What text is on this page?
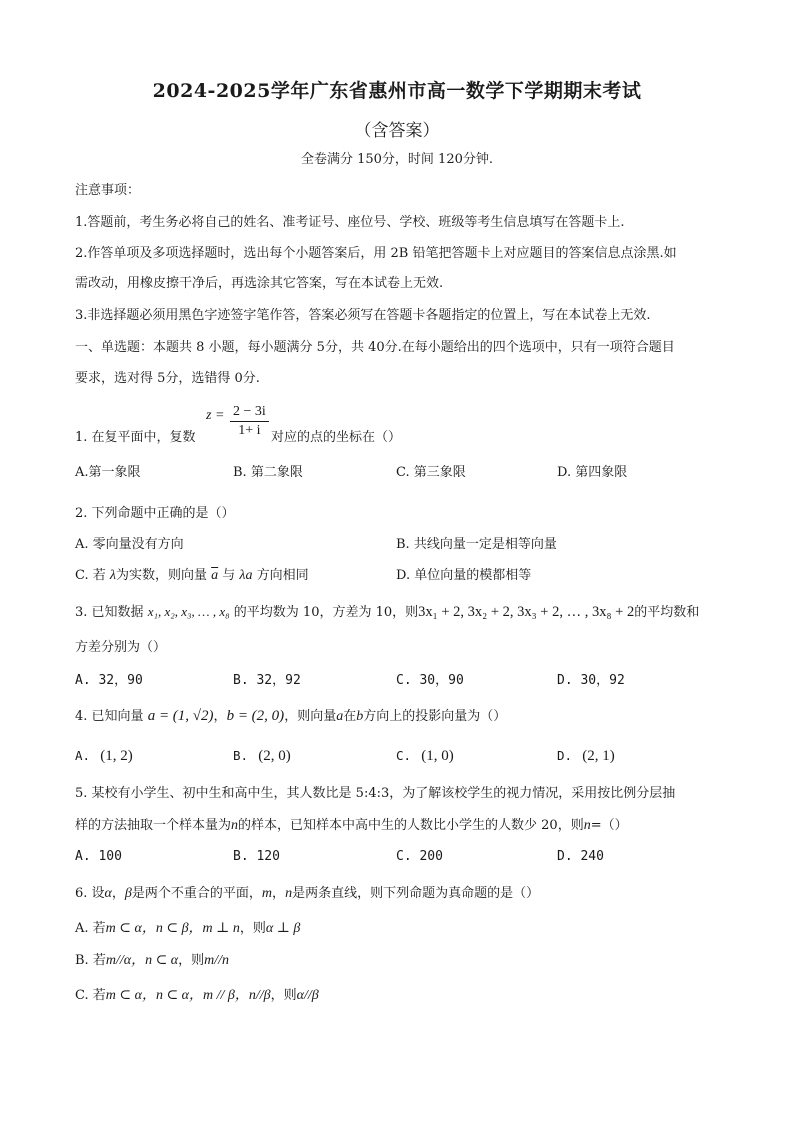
2024-2025学年广东省惠州市高一数学下学期期末考试
（含答案）
全卷满分 150分，时间 120分钟.
注意事项：
1.答题前，考生务必将自己的姓名、准考证号、座位号、学校、班级等考生信息填写在答题卡上.
2.作答单项及多项选择题时，选出每个小题答案后，用 2B 铅笔把答题卡上对应题目的答案信息点涂黑.如
需改动，用橡皮擦干净后，再选涂其它答案，写在本试卷上无效.
3.非选择题必须用黑色字迹签字笔作答，答案必须写在答题卡各题指定的位置上，写在本试卷上无效.
一、单选题：本题共 8 小题，每小题满分 5分，共 40分.在每小题给出的四个选项中，只有一项符合题目
要求，选对得 5分，选错得 0分.
1. 在复平面中，复数
$z = \frac{2 - 3i}{1+ i}$ 对应的点的坐标在（）
A.第一象限	B. 第二象限	C. 第三象限	D. 第四象限
2. 下列命题中正确的是（）
A. 零向量没有方向	B. 共线向量一定是相等向量
C. 若 λ为实数，则向量 $\overline{a}$ 与 λa 方向相同	D. 单位向量的模都相等
3. 已知数据 x₁, x₂, x₃, … , x₈ 的平均数为 10，方差为 10，则3x₁ + 2, 3x₂ + 2, 3x₃ + 2, … , 3x₈ + 2的平均数和
方差分别为（）
A. 32，90	B. 32，92	C. 30，90	D. 30，92
4. 已知向量 a = (1, √2)，b = (2, 0)，则向量a在b方向上的投影向量为（）
A. (1, 2)	B. (2, 0)	C. (1, 0)	D. (2, 1)
5. 某校有小学生、初中生和高中生，其人数比是 5:4:3，为了解该校学生的视力情况，采用按比例分层抽
样的方法抽取一个样本量为n的样本，已知样本中高中生的人数比小学生的人数少 20，则n=（）
A. 100	B. 120	C. 200	D. 240
6. 设α，β是两个不重合的平面，m，n是两条直线，则下列命题为真命题的是（）
A. 若m ⊂ α，n ⊂ β，m ⊥ n，则α ⊥ β
B. 若m//α，n ⊂ α，则m//n
C. 若m ⊂ α，n ⊂ α，m // β，n//β，则α//β
